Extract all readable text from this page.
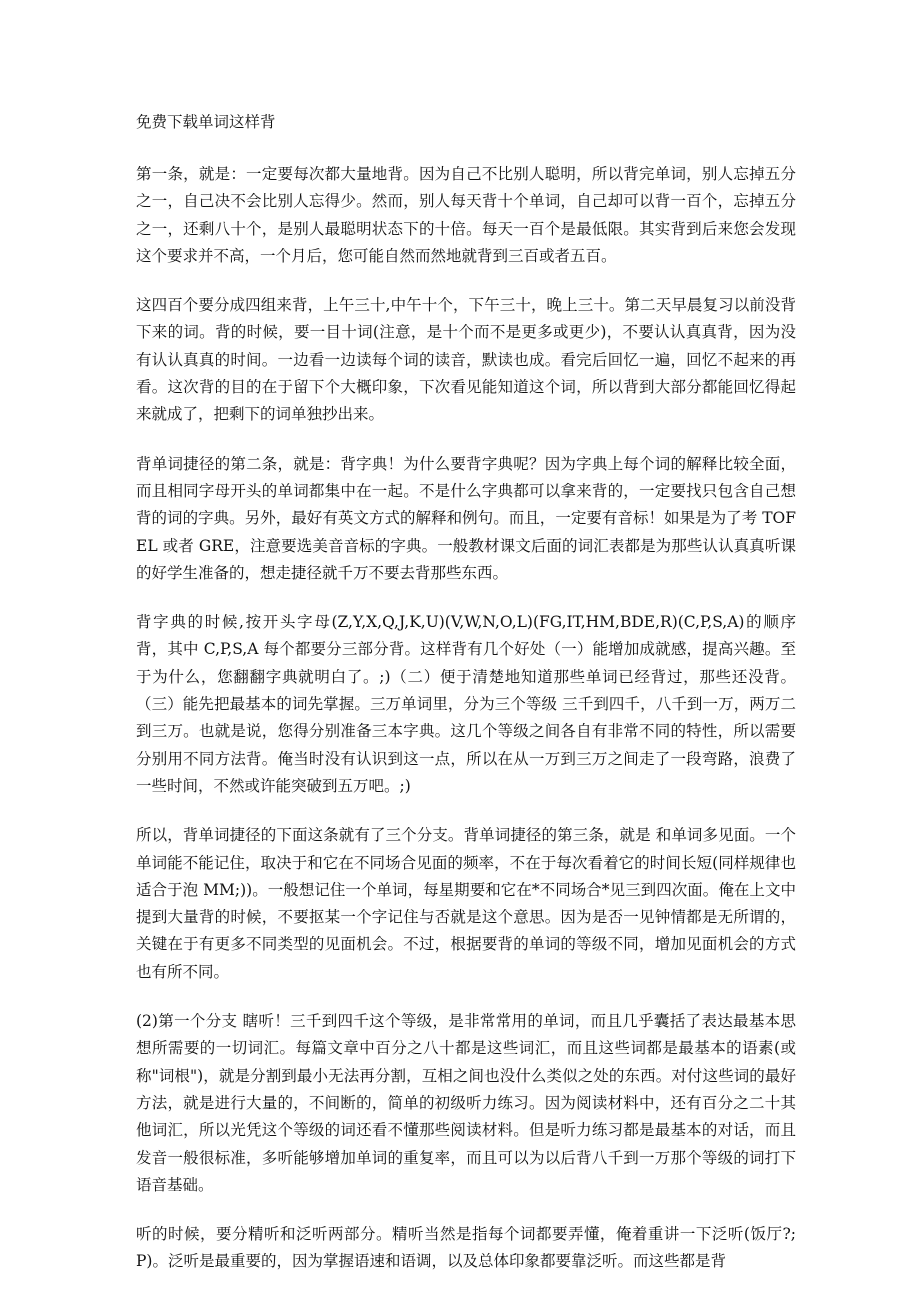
免费下载单词这样背

第一条，就是：一定要每次都大量地背。因为自己不比别人聪明，所以背完单词，别人忘掉五分之一，自己决不会比别人忘得少。然而，别人每天背十个单词，自己却可以背一百个，忘掉五分之一，还剩八十个，是别人最聪明状态下的十倍。每天一百个是最低限。其实背到后来您会发现这个要求并不高，一个月后，您可能自然而然地就背到三百或者五百。

这四百个要分成四组来背，上午三十,中午十个，下午三十，晚上三十。第二天早晨复习以前没背下来的词。背的时候，要一目十词(注意，是十个而不是更多或更少)，不要认认真真背，因为没有认认真真的时间。一边看一边读每个词的读音，默读也成。看完后回忆一遍，回忆不起来的再看。这次背的目的在于留下个大概印象，下次看见能知道这个词，所以背到大部分都能回忆得起来就成了，把剩下的词单独抄出来。

背单词捷径的第二条，就是：背字典！为什么要背字典呢？因为字典上每个词的解释比较全面，而且相同字母开头的单词都集中在一起。不是什么字典都可以拿来背的，一定要找只包含自己想背的词的字典。另外，最好有英文方式的解释和例句。而且，一定要有音标！如果是为了考 TOFEL 或者 GRE，注意要选美音音标的字典。一般教材课文后面的词汇表都是为那些认认真真听课的好学生准备的，想走捷径就千万不要去背那些东西。

背字典的时候,按开头字母(Z,Y,X,Q,J,K,U)(V,W,N,O,L)(FG,IT,HM,BDE,R)(C,P,S,A)的顺序背，其中 C,P,S,A 每个都要分三部分背。这样背有几个好处（一）能增加成就感，提高兴趣。至于为什么，您翻翻字典就明白了。;)（二）便于清楚地知道那些单词已经背过，那些还没背。（三）能先把最基本的词先掌握。三万单词里，分为三个等级 三千到四千，八千到一万，两万二到三万。也就是说，您得分别准备三本字典。这几个等级之间各自有非常不同的特性，所以需要分别用不同方法背。俺当时没有认识到这一点，所以在从一万到三万之间走了一段弯路，浪费了一些时间，不然或许能突破到五万吧。;)

所以，背单词捷径的下面这条就有了三个分支。背单词捷径的第三条，就是 和单词多见面。一个单词能不能记住，取决于和它在不同场合见面的频率，不在于每次看着它的时间长短(同样规律也适合于泡 MM;))。一般想记住一个单词，每星期要和它在*不同场合*见三到四次面。俺在上文中提到大量背的时候，不要抠某一个字记住与否就是这个意思。因为是否一见钟情都是无所谓的，关键在于有更多不同类型的见面机会。不过，根据要背的单词的等级不同，增加见面机会的方式也有所不同。

(2)第一个分支 瞎听！三千到四千这个等级，是非常常用的单词，而且几乎囊括了表达最基本思想所需要的一切词汇。每篇文章中百分之八十都是这些词汇，而且这些词都是最基本的语素(或称"词根")，就是分割到最小无法再分割，互相之间也没什么类似之处的东西。对付这些词的最好方法，就是进行大量的，不间断的，简单的初级听力练习。因为阅读材料中，还有百分之二十其他词汇，所以光凭这个等级的词还看不懂那些阅读材料。但是听力练习都是最基本的对话，而且发音一般很标准，多听能够增加单词的重复率，而且可以为以后背八千到一万那个等级的词打下语音基础。

听的时候，要分精听和泛听两部分。精听当然是指每个词都要弄懂，俺着重讲一下泛听(饭厅?;P)。泛听是最重要的，因为掌握语速和语调，以及总体印象都要靠泛听。而这些都是背
